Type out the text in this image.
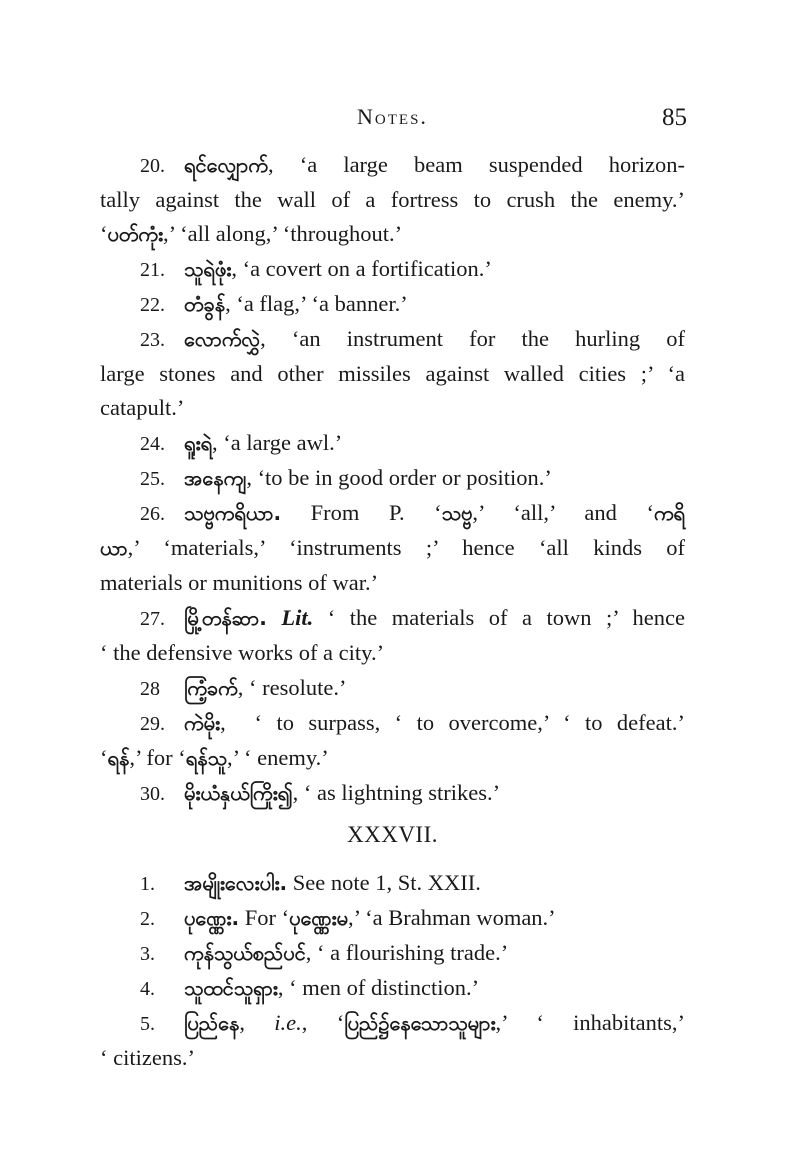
Notes.	85
20. ရင်လျှောက်, ‘a large beam suspended horizon-
tally against the wall of a fortress to crush the enemy.’
‘ပတ်ကုံး,’ ‘all along,’ ‘throughout.’
21. သူရဲဖုံး, ‘a covert on a fortification.’
22. တံခွန်, ‘a flag,’ ‘a banner.’
23. လောက်လွှဲ, ‘an instrument for the hurling of
large stones and other missiles against walled cities ;’ ‘a
catapult.’
24. ရူးရဲ, ‘a large awl.’
25. အနေကျ, ‘to be in good order or position.’
26. သဗ္ဗကရိယာ. From P. ‘သဗ္ဗ,’ ‘all,’ and ‘ကရိ
ယာ,’ ‘materials,’ ‘instruments ;’ hence ‘all kinds of
materials or munitions of war.’
27. မြို့တန်ဆာ. Lit. ‘ the materials of a town ;’ hence
‘ the defensive works of a city.’
28 ကြံ့ခက်, ‘ resolute.’
29. ကဲမိုး,  ‘ to surpass, ‘ to overcome,’ ‘ to defeat.’
‘ရန်,’ for ‘ရန်သူ,’ ‘ enemy.’
30. မိုးယံနှယ်ကြိုး၍, ‘ as lightning strikes.’
XXXVII.
1. အမျိုးလေးပါး. See note 1, St. XXII.
2. ပုဏ္ဏေး. For ‘ပုဏ္ဏေးမ,’ ‘a Brahman woman.’
3. ကုန်သွယ်စည်ပင်, ‘ a flourishing trade.’
4. သူထင်သူရှား, ‘ men of distinction.’
5. ပြည်နေ, i.e., ‘ပြည်၌နေသောသူများ,’ ‘ inhabitants,’
‘ citizens.’
